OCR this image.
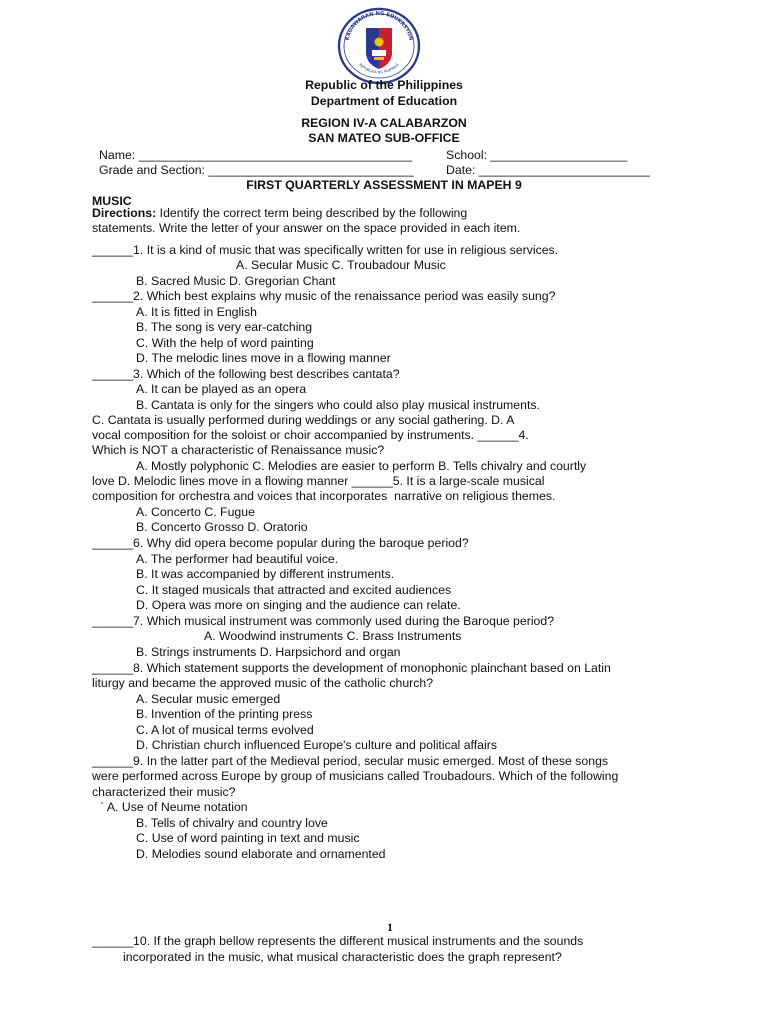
KAGAWARAN NG EDUKASYON
REPUBLIKA NG PILIPINAS
Republic of the Philippines
Department of Education
REGION IV-A CALABARZON
SAN MATEO SUB-OFFICE
Name: ________________________________________	School: ____________________
Grade and Section: ______________________________	Date: _________________________
FIRST QUARTERLY ASSESSMENT IN MAPEH 9
MUSIC
Directions: Identify the correct term being described by the following
statements. Write the letter of your answer on the space provided in each item.
______1. It is a kind of music that was specifically written for use in religious services.
A. Secular Music C. Troubadour Music
B. Sacred Music D. Gregorian Chant
______2. Which best explains why music of the renaissance period was easily sung?
A. It is fitted in English
B. The song is very ear-catching
C. With the help of word painting
D. The melodic lines move in a flowing manner
______3. Which of the following best describes cantata?
A. It can be played as an opera
B. Cantata is only for the singers who could also play musical instruments.
C. Cantata is usually performed during weddings or any social gathering. D. A
vocal composition for the soloist or choir accompanied by instruments. ______4.
Which is NOT a characteristic of Renaissance music?
A. Mostly polyphonic C. Melodies are easier to perform B. Tells chivalry and courtly
love D. Melodic lines move in a flowing manner ______5. It is a large-scale musical
composition for orchestra and voices that incorporates  narrative on religious themes.
A. Concerto C. Fugue
B. Concerto Grosso D. Oratorio
______6. Why did opera become popular during the baroque period?
A. The performer had beautiful voice.
B. It was accompanied by different instruments.
C. It staged musicals that attracted and excited audiences
D. Opera was more on singing and the audience can relate.
______7. Which musical instrument was commonly used during the Baroque period?
A. Woodwind instruments C. Brass Instruments
B. Strings instruments D. Harpsichord and organ
______8. Which statement supports the development of monophonic plainchant based on Latin
liturgy and became the approved music of the catholic church?
A. Secular music emerged
B. Invention of the printing press
C. A lot of musical terms evolved
D. Christian church influenced Europe's culture and political affairs
______9. In the latter part of the Medieval period, secular music emerged. Most of these songs
were performed across Europe by group of musicians called Troubadours. Which of the following
characterized their music?
` A. Use of Neume notation
B. Tells of chivalry and country love
C. Use of word painting in text and music
D. Melodies sound elaborate and ornamented
1
______10. If the graph bellow represents the different musical instruments and the sounds
incorporated in the music, what musical characteristic does the graph represent?
